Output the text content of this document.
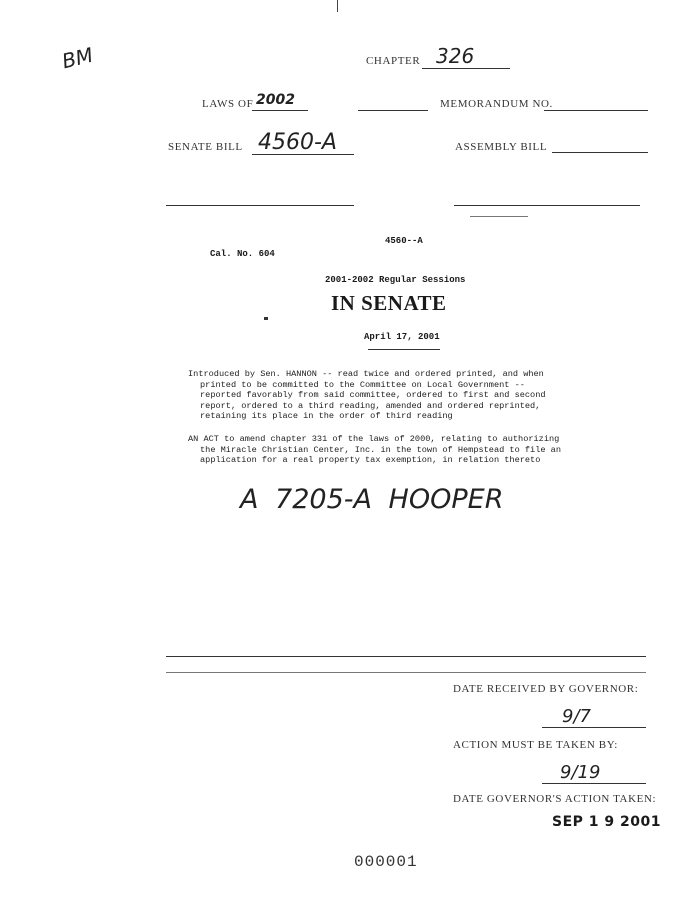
BM	CHAPTER 326
LAWS OF 2002	MEMORANDUM NO.
SENATE BILL 4560-A	ASSEMBLY BILL
4560--A
Cal. No. 604
2001-2002 Regular Sessions
IN SENATE
April 17, 2001
Introduced by Sen. HANNON -- read twice and ordered printed, and when
printed to be committed to the Committee on Local Government --
reported favorably from said committee, ordered to first and second
report, ordered to a third reading, amended and ordered reprinted,
retaining its place in the order of third reading
AN ACT to amend chapter 331 of the laws of 2000, relating to authorizing
the Miracle Christian Center, Inc. in the town of Hempstead to file an
application for a real property tax exemption, in relation thereto
A 7205-A HOOPER
DATE RECEIVED BY GOVERNOR:
9/7
ACTION MUST BE TAKEN BY:
9/19
DATE GOVERNOR'S ACTION TAKEN:
SEP 1 9 2001
000001
